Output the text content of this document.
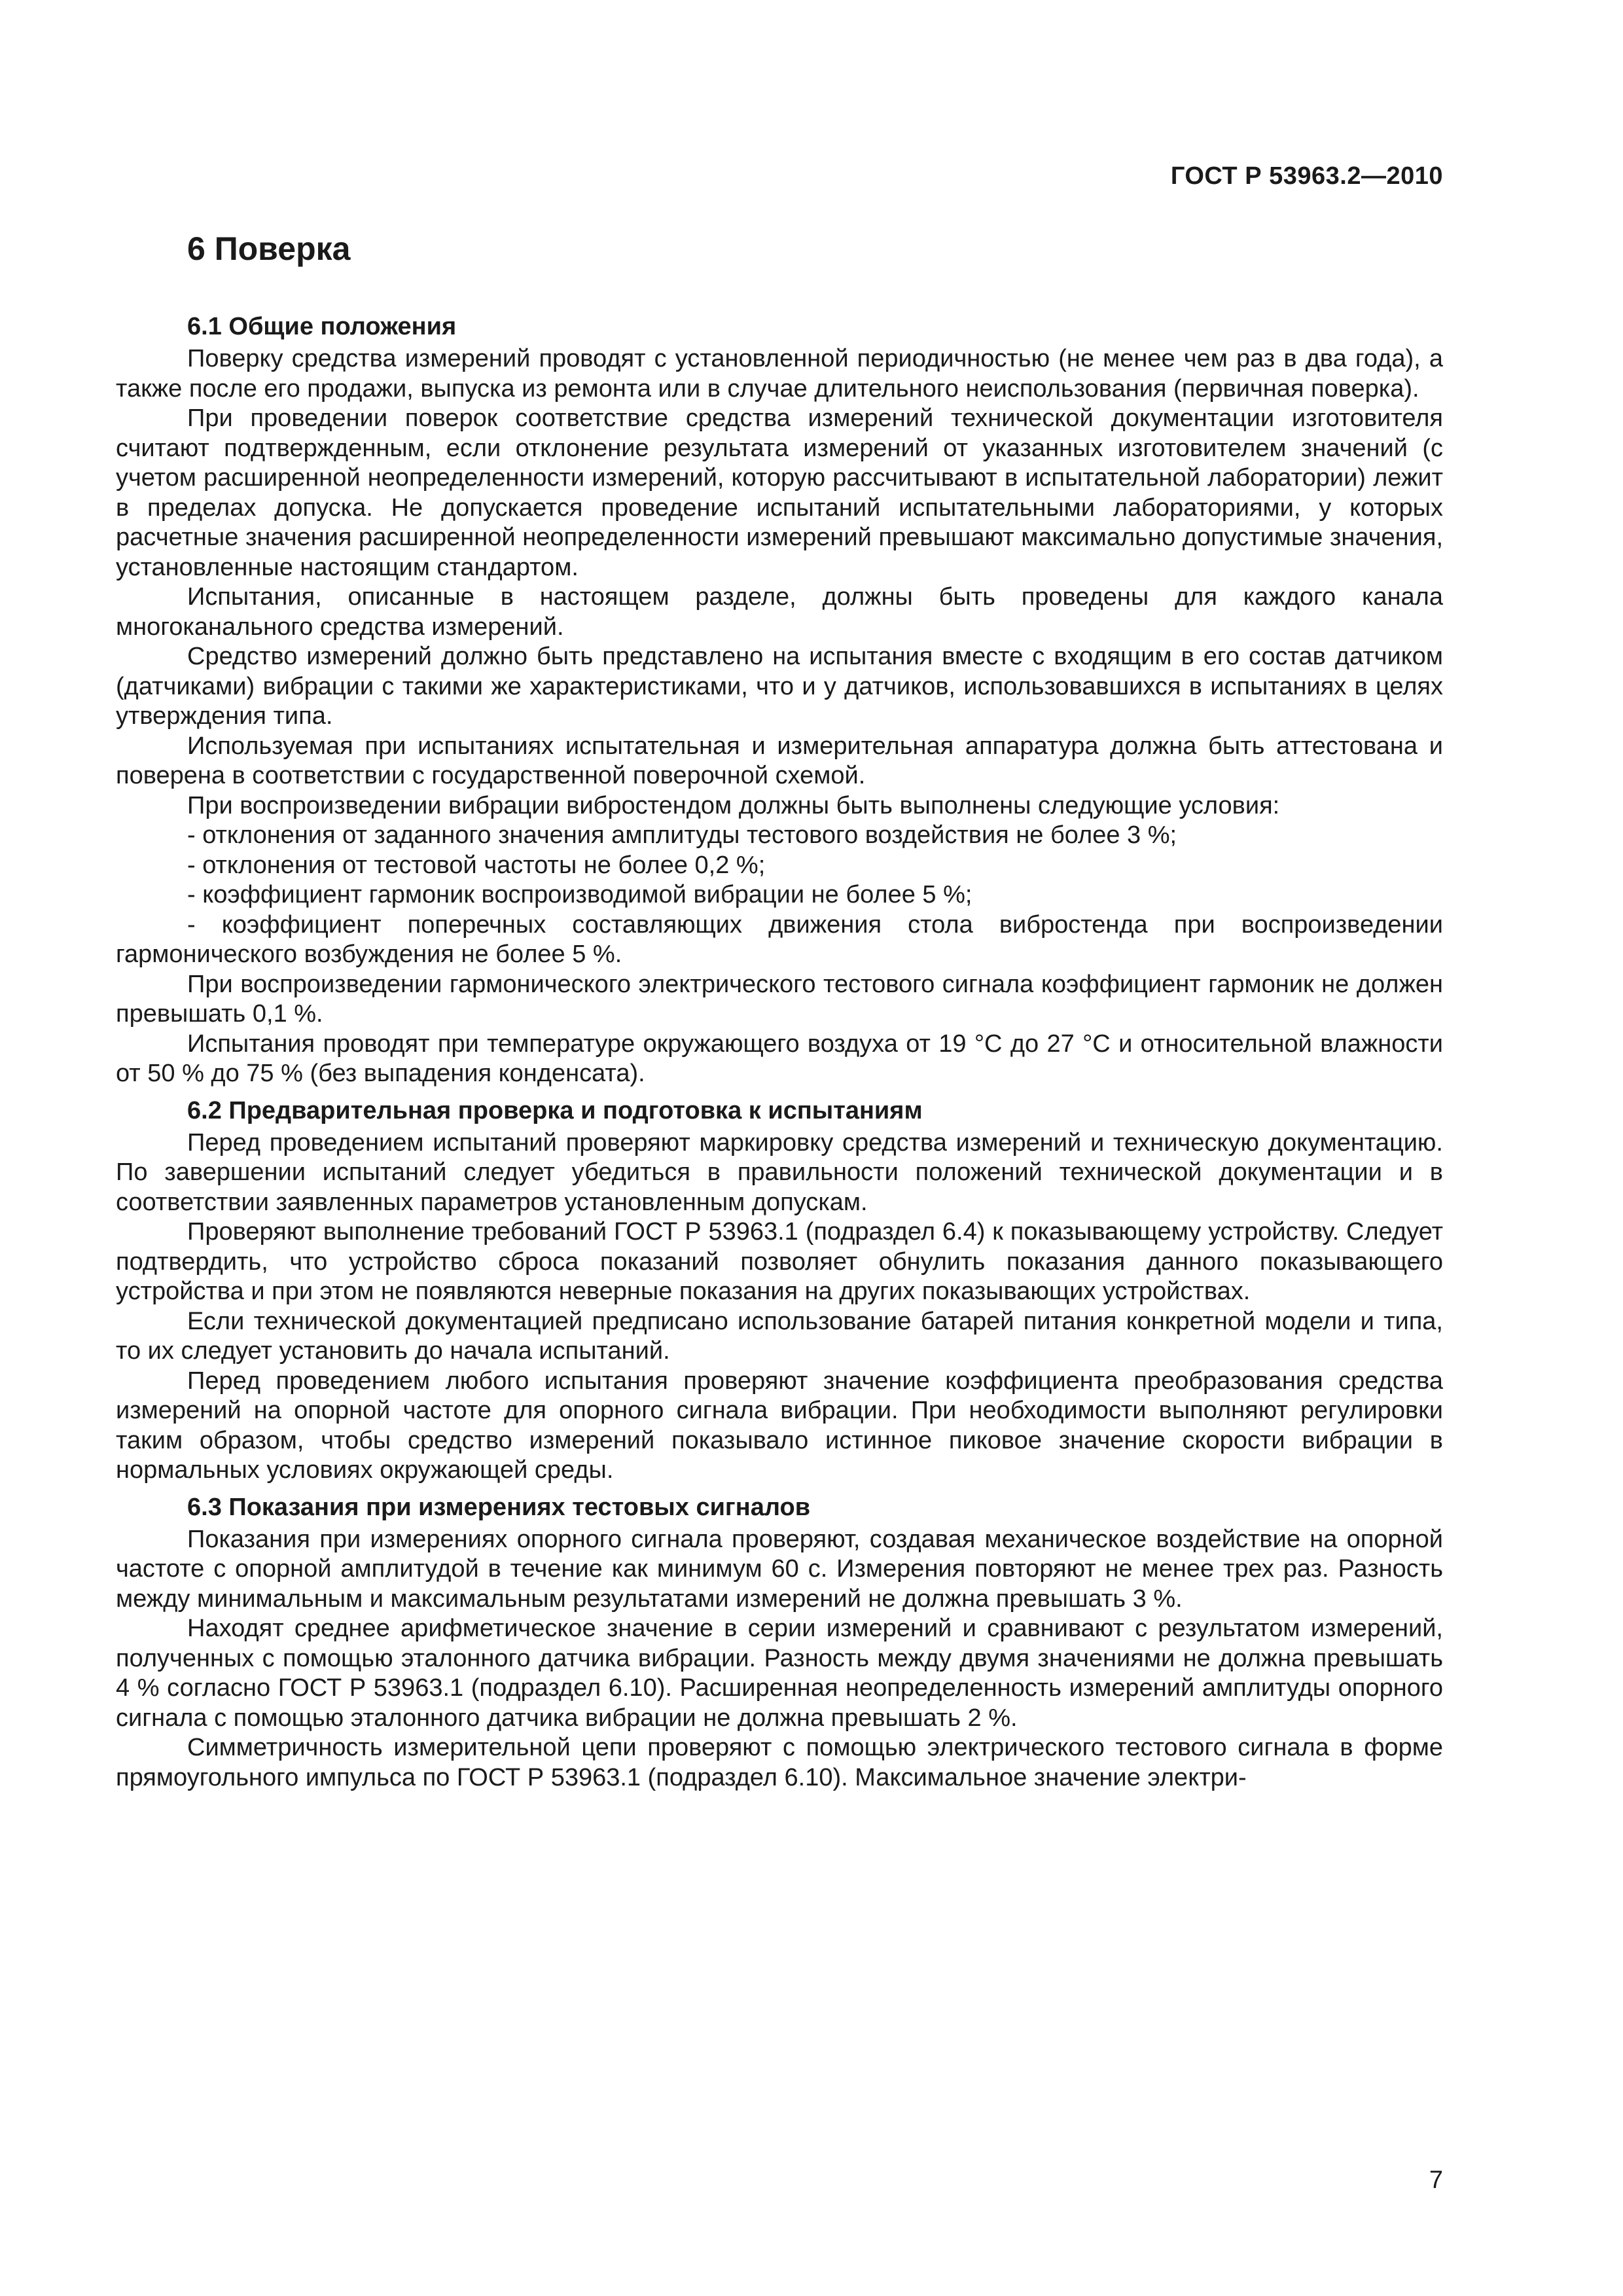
ГОСТ Р 53963.2—2010
6 Поверка
6.1 Общие положения

Поверку средства измерений проводят с установленной периодичностью (не менее чем раз в два года), а также после его продажи, выпуска из ремонта или в случае длительного неиспользования (первичная поверка).

При проведении поверок соответствие средства измерений технической документации изготовителя считают подтвержденным, если отклонение результата измерений от указанных изготовителем значений (с учетом расширенной неопределенности измерений, которую рассчитывают в испытательной лаборатории) лежит в пределах допуска. Не допускается проведение испытаний испытательными лабораториями, у которых расчетные значения расширенной неопределенности измерений превышают максимально допустимые значения, установленные настоящим стандартом.

Испытания, описанные в настоящем разделе, должны быть проведены для каждого канала многоканального средства измерений.

Средство измерений должно быть представлено на испытания вместе с входящим в его состав датчиком (датчиками) вибрации с такими же характеристиками, что и у датчиков, использовавшихся в испытаниях в целях утверждения типа.

Используемая при испытаниях испытательная и измерительная аппаратура должна быть аттестована и поверена в соответствии с государственной поверочной схемой.

При воспроизведении вибрации вибростендом должны быть выполнены следующие условия:

- отклонения от заданного значения амплитуды тестового воздействия не более 3 %;
- отклонения от тестовой частоты не более 0,2 %;
- коэффициент гармоник воспроизводимой вибрации не более 5 %;
- коэффициент поперечных составляющих движения стола вибростенда при воспроизведении гармонического возбуждения не более 5 %.

При воспроизведении гармонического электрического тестового сигнала коэффициент гармоник не должен превышать 0,1 %.

Испытания проводят при температуре окружающего воздуха от 19 °С до 27 °С и относительной влажности от 50 % до 75 % (без выпадения конденсата).

6.2 Предварительная проверка и подготовка к испытаниям

Перед проведением испытаний проверяют маркировку средства измерений и техническую документацию. По завершении испытаний следует убедиться в правильности положений технической документации и в соответствии заявленных параметров установленным допускам.

Проверяют выполнение требований ГОСТ Р 53963.1 (подраздел 6.4) к показывающему устройству. Следует подтвердить, что устройство сброса показаний позволяет обнулить показания данного показывающего устройства и при этом не появляются неверные показания на других показывающих устройствах.

Если технической документацией предписано использование батарей питания конкретной модели и типа, то их следует установить до начала испытаний.

Перед проведением любого испытания проверяют значение коэффициента преобразования средства измерений на опорной частоте для опорного сигнала вибрации. При необходимости выполняют регулировки таким образом, чтобы средство измерений показывало истинное пиковое значение скорости вибрации в нормальных условиях окружающей среды.

6.3 Показания при измерениях тестовых сигналов

Показания при измерениях опорного сигнала проверяют, создавая механическое воздействие на опорной частоте с опорной амплитудой в течение как минимум 60 с. Измерения повторяют не менее трех раз. Разность между минимальным и максимальным результатами измерений не должна превышать 3 %.

Находят среднее арифметическое значение в серии измерений и сравнивают с результатом измерений, полученных с помощью эталонного датчика вибрации. Разность между двумя значениями не должна превышать 4 % согласно ГОСТ Р 53963.1 (подраздел 6.10). Расширенная неопределенность измерений амплитуды опорного сигнала с помощью эталонного датчика вибрации не должна превышать 2 %.

Симметричность измерительной цепи проверяют с помощью электрического тестового сигнала в форме прямоугольного импульса по ГОСТ Р 53963.1 (подраздел 6.10). Максимальное значение электри-

7
